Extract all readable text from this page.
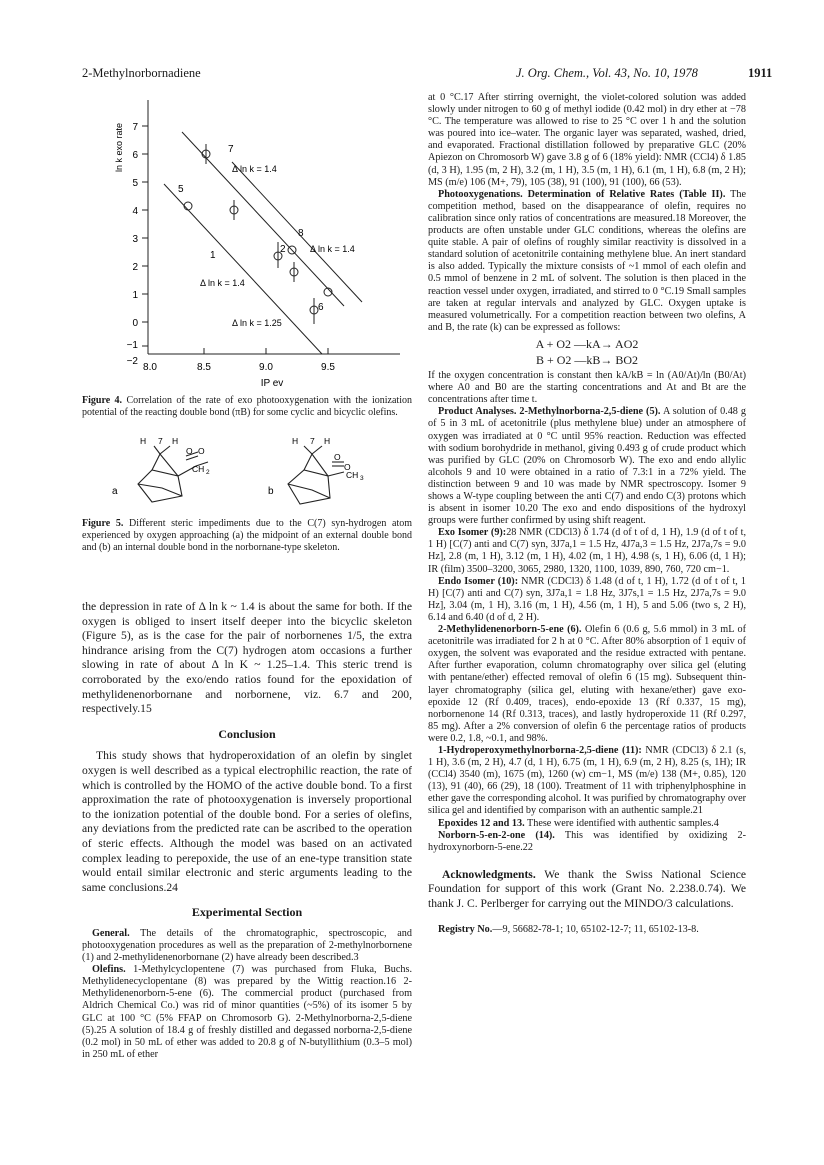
2-Methylnorbornadiene	J. Org. Chem., Vol. 43, No. 10, 1978	1911
ln k exo rate 7
6
5
4
3
2
1
0
−1
−2
8.0	8.5	9.0	9.5
IP ev
Δ ln k = 1.4
Δ ln k = 1.4
Δ ln k = 1.4
Δ ln k = 1.25
7
5
8
2
1
6
Figure 4. Correlation of the rate of exo photooxygenation with the ionization potential of the reacting double bond (πB) for some cyclic and bicyclic olefins.
H 7 H
O O
CH 2
H 7 H
O
O
CH 3
a	b
Figure 5. Different steric impediments due to the C(7) syn-hydrogen atom experienced by oxygen approaching (a) the midpoint of an external double bond and (b) an internal double bond in the norbornane-type skeleton.

the depression in rate of Δ ln k ~ 1.4 is about the same for both. If the oxygen is obliged to insert itself deeper into the bicyclic skeleton (Figure 5), as is the case for the pair of norbornenes 1/5, the extra hindrance arising from the C(7) hydrogen atom occasions a further slowing in rate of about Δ ln K ~ 1.25–1.4. This steric trend is corroborated by the exo/endo ratios found for the epoxidation of methylidenenorbornane and norbornene, viz. 6.7 and 200, respectively.15

Conclusion

This study shows that hydroperoxidation of an olefin by singlet oxygen is well described as a typical electrophilic reaction, the rate of which is controlled by the HOMO of the active double bond. To a first approximation the rate of photooxygenation is inversely proportional to the ionization potential of the double bond. For a series of olefins, any deviations from the predicted rate can be ascribed to the operation of steric effects. Although the model was based on an activated complex leading to perepoxide, the use of an ene-type transition state would entail similar electronic and steric arguments leading to the same conclusions.24

Experimental Section

General. The details of the chromatographic, spectroscopic, and photooxygenation procedures as well as the preparation of 2-methylnorbornene (1) and 2-methylidenenorbornane (2) have already been described.3

Olefins. 1-Methylcyclopentene (7) was purchased from Fluka, Buchs. Methylidenecyclopentane (8) was prepared by the Wittig reaction.16 2-Methylidenenorborn-5-ene (6). The commercial product (purchased from Aldrich Chemical Co.) was rid of minor quantities (~5%) of its isomer 5 by GLC at 100 °C (5% FFAP on Chromosorb G). 2-Methylnorborna-2,5-diene (5).25 A solution of 18.4 g of freshly distilled and degassed norborna-2,5-diene (0.2 mol) in 50 mL of ether was added to 20.8 g of N-butyllithium (0.3–5 mol) in 250 mL of ether

at 0 °C.17 After stirring overnight, the violet-colored solution was added slowly under nitrogen to 60 g of methyl iodide (0.42 mol) in dry ether at −78 °C. The temperature was allowed to rise to 25 °C over 1 h and the solution was poured into ice–water. The organic layer was separated, washed, dried, and evaporated. Fractional distillation followed by preparative GLC (20% Apiezon on Chromosorb W) gave 3.8 g of 6 (18% yield): NMR (CCl4) δ 1.85 (d, 3 H), 1.95 (m, 2 H), 3.2 (m, 1 H), 3.5 (m, 1 H), 6.1 (m, 1 H), 6.8 (m, 2 H); MS (m/e) 106 (M+, 79), 105 (38), 91 (100), 91 (100), 66 (53).

Photooxygenations. Determination of Relative Rates (Table II). The competition method, based on the disappearance of olefin, requires no calibration since only ratios of concentrations are measured.18 Moreover, the products are often unstable under GLC conditions, whereas the olefins are quite stable. A pair of olefins of roughly similar reactivity is dissolved in a standard solution of acetonitrile containing methylene blue. An inert standard is also added. Typically the mixture consists of ~1 mmol of each olefin and 0.5 mmol of benzene in 2 mL of solvent. The solution is then placed in the reaction vessel under oxygen, irradiated, and stirred to 0 °C.19 Small samples are taken at regular intervals and analyzed by GLC. Oxygen uptake is measured volumetrically. For a competition reaction between two olefins, A and B, the rate (k) can be expressed as follows:

A + O2 —kA→ AO2
B + O2 —kB→ BO2

If the oxygen concentration is constant then kA/kB = ln (A0/At)/ln (B0/At) where A0 and B0 are the starting concentrations and At and Bt are the concentrations after time t.

Product Analyses. 2-Methylnorborna-2,5-diene (5). A solution of 0.48 g of 5 in 3 mL of acetonitrile (plus methylene blue) under an atmosphere of oxygen was irradiated at 0 °C until 95% reaction. Reduction was effected with sodium borohydride in methanol, giving 0.493 g of crude product which was purified by GLC (20% on Chromosorb W). The exo and endo allylic alcohols 9 and 10 were obtained in a ratio of 7.3:1 in a 72% yield. The distinction between 9 and 10 was made by NMR spectroscopy. Isomer 9 shows a W-type coupling between the anti C(7) and endo C(3) protons which is absent in isomer 10.20 The exo and endo dispositions of the hydroxyl groups were further confirmed by using shift reagent.

Exo Isomer (9):28 NMR (CDCl3) δ 1.74 (d of t of d, 1 H), 1.9 (d of t of t, 1 H) [C(7) anti and C(7) syn, 3J7a,1 = 1.5 Hz, 4J7a,3 = 1.5 Hz, 2J7a,7s = 9.0 Hz], 2.8 (m, 1 H), 3.12 (m, 1 H), 4.02 (m, 1 H), 4.98 (s, 1 H), 6.06 (d, 1 H); IR (film) 3500–3200, 3065, 2980, 1320, 1100, 1039, 890, 760, 720 cm−1.

Endo Isomer (10): NMR (CDCl3) δ 1.48 (d of t, 1 H), 1.72 (d of t of t, 1 H) [C(7) anti and C(7) syn, 3J7a,1 = 1.8 Hz, 3J7s,1 = 1.5 Hz, 2J7a,7s = 9.0 Hz], 3.04 (m, 1 H), 3.16 (m, 1 H), 4.56 (m, 1 H), 5 and 5.06 (two s, 2 H), 6.14 and 6.40 (d of d, 2 H).

2-Methylidenenorborn-5-ene (6). Olefin 6 (0.6 g, 5.6 mmol) in 3 mL of acetonitrile was irradiated for 2 h at 0 °C. After 80% absorption of 1 equiv of oxygen, the solvent was evaporated and the residue extracted with pentane. After further evaporation, column chromatography over silica gel (eluting with pentane/ether) effected removal of olefin 6 (15 mg). Subsequent thin-layer chromatography (silica gel, eluting with hexane/ether) gave exo-epoxide 12 (Rf 0.409, traces), endo-epoxide 13 (Rf 0.337, 15 mg), norbornenone 14 (Rf 0.313, traces), and lastly hydroperoxide 11 (Rf 0.297, 85 mg). After a 2% conversion of olefin 6 the percentage ratios of products were 0.2, 1.8, ~0.1, and 98%.

1-Hydroperoxymethylnorborna-2,5-diene (11): NMR (CDCl3) δ 2.1 (s, 1 H), 3.6 (m, 2 H), 4.7 (d, 1 H), 6.75 (m, 1 H), 6.9 (m, 2 H), 8.25 (s, 1H); IR (CCl4) 3540 (m), 1675 (m), 1260 (w) cm−1, MS (m/e) 138 (M+, 0.85), 120 (13), 91 (40), 66 (29), 18 (100). Treatment of 11 with triphenylphosphine in ether gave the corresponding alcohol. It was purified by chromatography over silica gel and identified by comparison with an authentic sample.21

Epoxides 12 and 13. These were identified with authentic samples.4

Norborn-5-en-2-one (14). This was identified by oxidizing 2-hydroxynorborn-5-ene.22

Acknowledgments. We thank the Swiss National Science Foundation for support of this work (Grant No. 2.238.0.74). We thank J. C. Perlberger for carrying out the MINDO/3 calculations.

Registry No.—9, 56682-78-1; 10, 65102-12-7; 11, 65102-13-8.
